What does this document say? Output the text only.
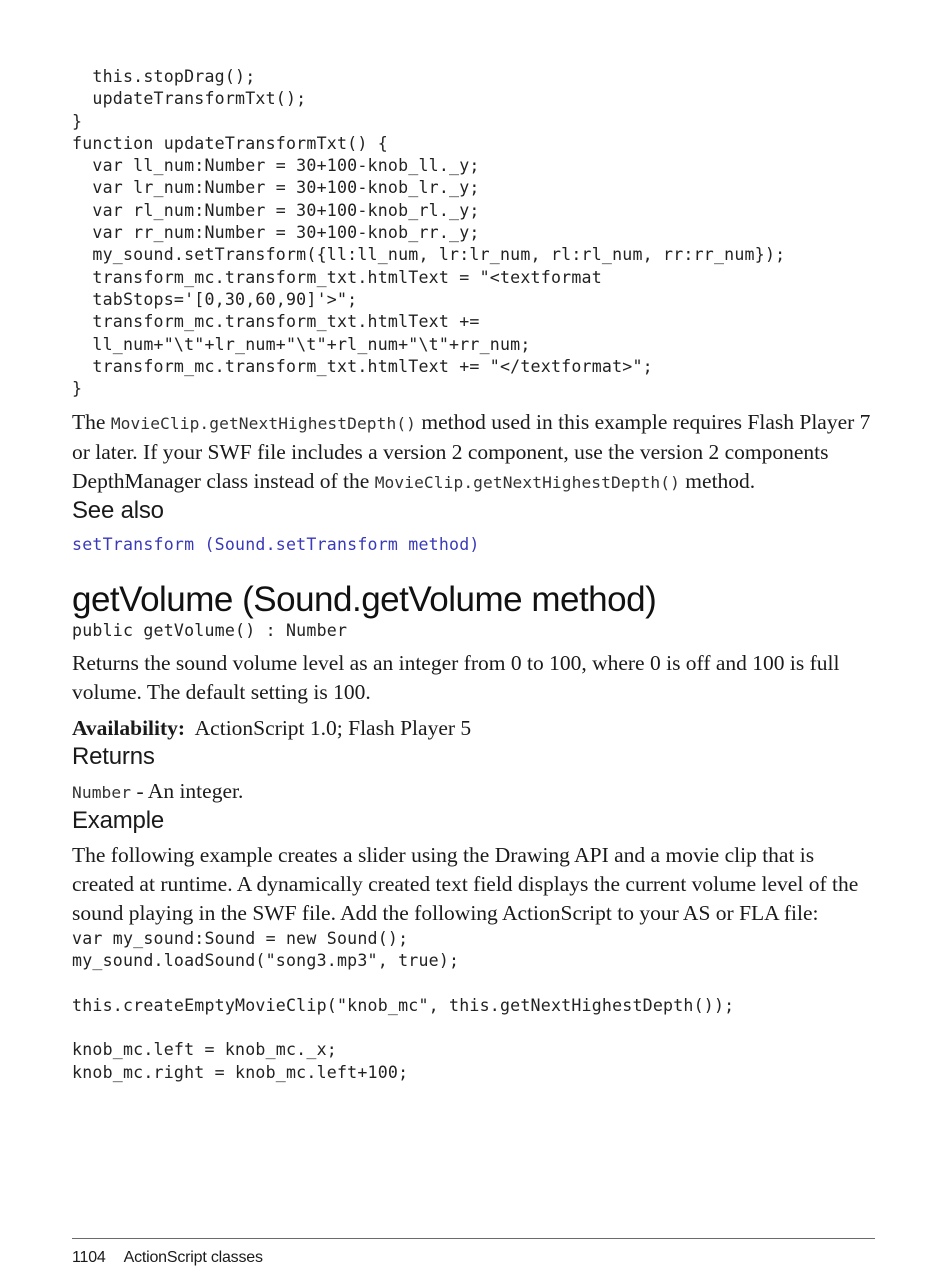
this.stopDrag();
updateTransformTxt();
}
function updateTransformTxt() {
var ll_num:Number = 30+100-knob_ll._y;
var lr_num:Number = 30+100-knob_lr._y;
var rl_num:Number = 30+100-knob_rl._y;
var rr_num:Number = 30+100-knob_rr._y;
my_sound.setTransform({ll:ll_num, lr:lr_num, rl:rl_num, rr:rr_num});
transform_mc.transform_txt.htmlText = "<textformat
tabStops='[0,30,60,90]'>";
transform_mc.transform_txt.htmlText +=
ll_num+"\t"+lr_num+"\t"+rl_num+"\t"+rr_num;
transform_mc.transform_txt.htmlText += "</textformat>";
}

The MovieClip.getNextHighestDepth() method used in this example requires Flash Player 7 or later. If your SWF file includes a version 2 component, use the version 2 components DepthManager class instead of the MovieClip.getNextHighestDepth() method.

See also
setTransform (Sound.setTransform method)
getVolume (Sound.getVolume method)
public getVolume() : Number

Returns the sound volume level as an integer from 0 to 100, where 0 is off and 100 is full volume. The default setting is 100.

Availability: ActionScript 1.0; Flash Player 5

Returns

Number - An integer.

Example

The following example creates a slider using the Drawing API and a movie clip that is created at runtime. A dynamically created text field displays the current volume level of the sound playing in the SWF file. Add the following ActionScript to your AS or FLA file:

var my_sound:Sound = new Sound();
my_sound.loadSound("song3.mp3", true);

this.createEmptyMovieClip("knob_mc", this.getNextHighestDepth());

knob_mc.left = knob_mc._x;
knob_mc.right = knob_mc.left+100;
1104 ActionScript classes
